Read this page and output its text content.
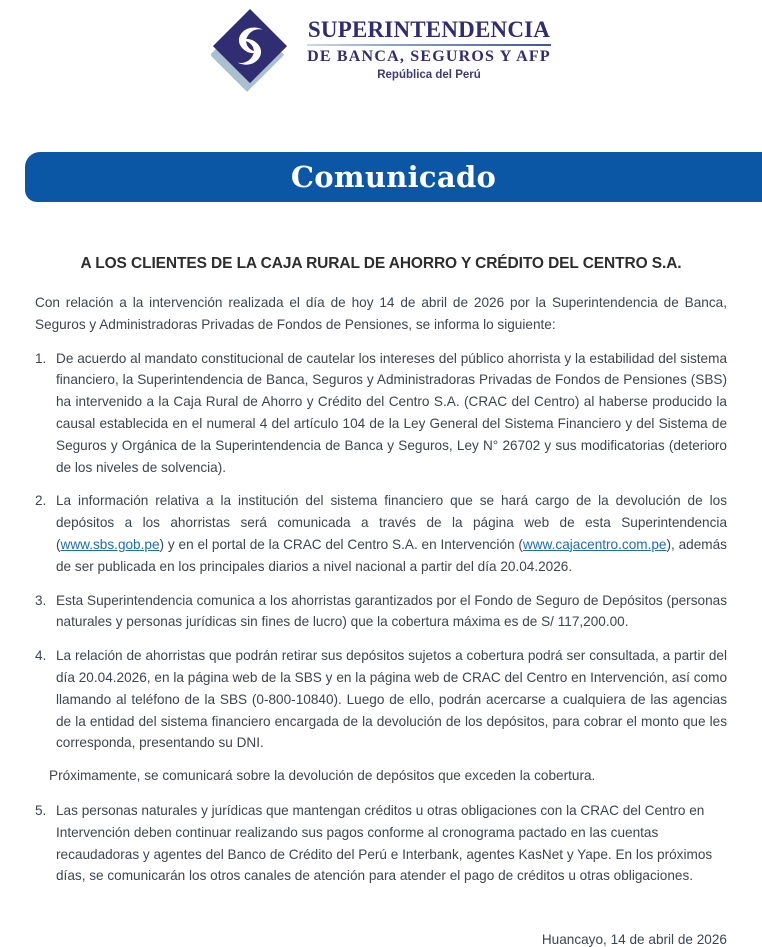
SUPERINTENDENCIA
DE BANCA, SEGUROS Y AFP
República del Perú
Comunicado
A LOS CLIENTES DE LA CAJA RURAL DE AHORRO Y CRÉDITO DEL CENTRO S.A.

Con relación a la intervención realizada el día de hoy 14 de abril de 2026 por la Superintendencia de Banca, Seguros y Administradoras Privadas de Fondos de Pensiones, se informa lo siguiente:

1. De acuerdo al mandato constitucional de cautelar los intereses del público ahorrista y la estabilidad del sistema financiero, la Superintendencia de Banca, Seguros y Administradoras Privadas de Fondos de Pensiones (SBS) ha intervenido a la Caja Rural de Ahorro y Crédito del Centro S.A. (CRAC del Centro) al haberse producido la causal establecida en el numeral 4 del artículo 104 de la Ley General del Sistema Financiero y del Sistema de Seguros y Orgánica de la Superintendencia de Banca y Seguros, Ley N° 26702 y sus modificatorias (deterioro de los niveles de solvencia).

2. La información relativa a la institución del sistema financiero que se hará cargo de la devolución de los depósitos a los ahorristas será comunicada a través de la página web de esta Superintendencia (www.sbs.gob.pe) y en el portal de la CRAC del Centro S.A. en Intervención (www.cajacentro.com.pe), además de ser publicada en los principales diarios a nivel nacional a partir del día 20.04.2026.

3. Esta Superintendencia comunica a los ahorristas garantizados por el Fondo de Seguro de Depósitos (personas naturales y personas jurídicas sin fines de lucro) que la cobertura máxima es de S/ 117,200.00.

4. La relación de ahorristas que podrán retirar sus depósitos sujetos a cobertura podrá ser consultada, a partir del día 20.04.2026, en la página web de la SBS y en la página web de CRAC del Centro en Intervención, así como llamando al teléfono de la SBS (0-800-10840). Luego de ello, podrán acercarse a cualquiera de las agencias de la entidad del sistema financiero encargada de la devolución de los depósitos, para cobrar el monto que les corresponda, presentando su DNI.

Próximamente, se comunicará sobre la devolución de depósitos que exceden la cobertura.

5. Las personas naturales y jurídicas que mantengan créditos u otras obligaciones con la CRAC del Centro en Intervención deben continuar realizando sus pagos conforme al cronograma pactado en las cuentas recaudadoras y agentes del Banco de Crédito del Perú e Interbank, agentes KasNet y Yape. En los próximos días, se comunicarán los otros canales de atención para atender el pago de créditos u otras obligaciones.

Huancayo, 14 de abril de 2026
